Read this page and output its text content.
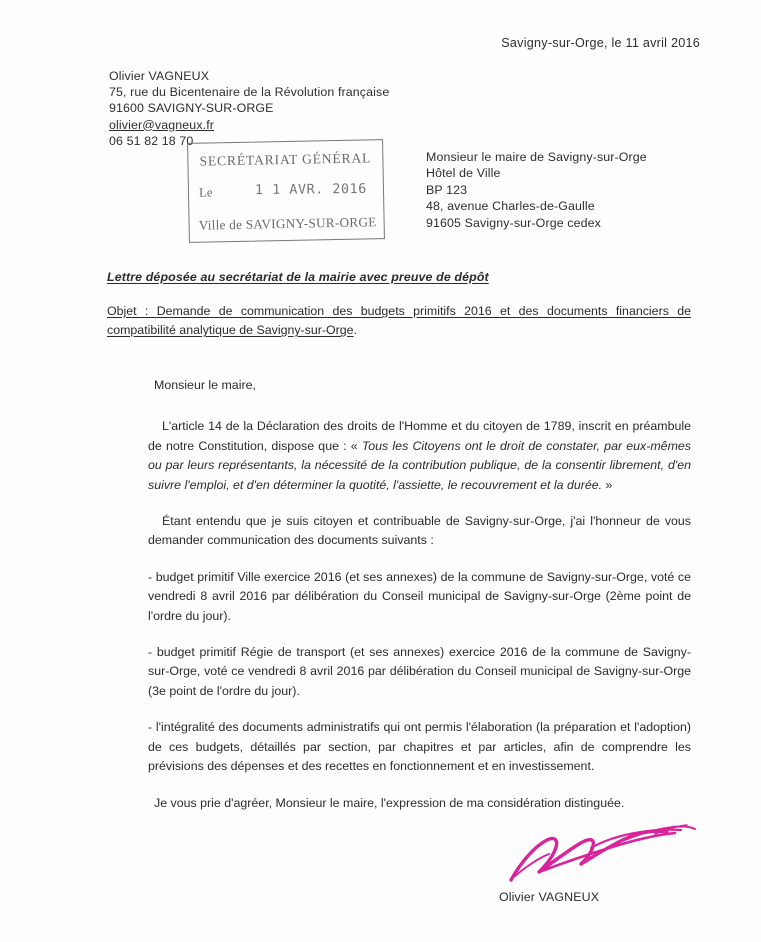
Savigny-sur-Orge, le 11 avril 2016
Olivier VAGNEUX
75, rue du Bicentenaire de la Révolution française
91600 SAVIGNY-SUR-ORGE
olivier@vagneux.fr
06 51 82 18 70
SECRÉTARIAT GÉNÉRAL
Le	1 1 AVR. 2016
Ville de SAVIGNY-SUR-ORGE
Monsieur le maire de Savigny-sur-Orge
Hôtel de Ville
BP 123
48, avenue Charles-de-Gaulle
91605 Savigny-sur-Orge cedex
Lettre déposée au secrétariat de la mairie avec preuve de dépôt
Objet : Demande de communication des budgets primitifs 2016 et des documents financiers de compatibilité analytique de Savigny-sur-Orge.

Monsieur le maire,

L'article 14 de la Déclaration des droits de l'Homme et du citoyen de 1789, inscrit en préambule de notre Constitution, dispose que : « Tous les Citoyens ont le droit de constater, par eux-mêmes ou par leurs représentants, la nécessité de la contribution publique, de la consentir librement, d'en suivre l'emploi, et d'en déterminer la quotité, l'assiette, le recouvrement et la durée. »

Étant entendu que je suis citoyen et contribuable de Savigny-sur-Orge, j'ai l'honneur de vous demander communication des documents suivants :

- budget primitif Ville exercice 2016 (et ses annexes) de la commune de Savigny-sur-Orge, voté ce vendredi 8 avril 2016 par délibération du Conseil municipal de Savigny-sur-Orge (2ème point de l'ordre du jour).

- budget primitif Régie de transport (et ses annexes) exercice 2016 de la commune de Savigny-sur-Orge, voté ce vendredi 8 avril 2016 par délibération du Conseil municipal de Savigny-sur-Orge (3e point de l'ordre du jour).

- l'intégralité des documents administratifs qui ont permis l'élaboration (la préparation et l'adoption) de ces budgets, détaillés par section, par chapitres et par articles, afin de comprendre les prévisions des dépenses et des recettes en fonctionnement et en investissement.

Je vous prie d'agréer, Monsieur le maire, l'expression de ma considération distinguée.

Olivier VAGNEUX
